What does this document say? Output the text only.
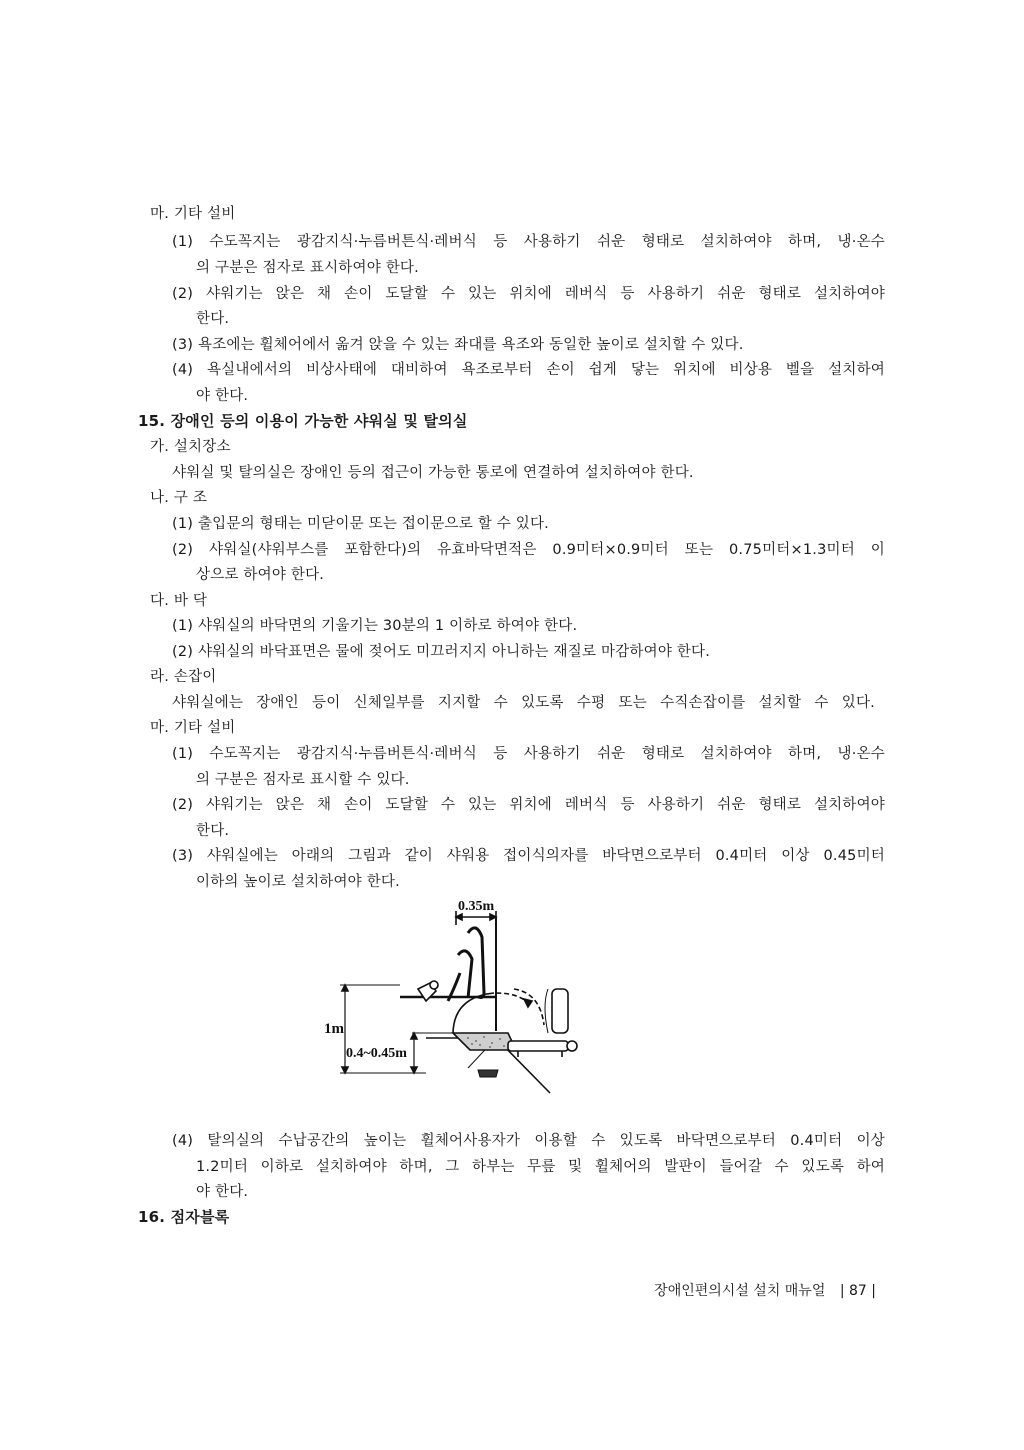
마. 기타 설비
(1) 수도꼭지는 광감지식·누름버튼식·레버식 등 사용하기 쉬운 형태로 설치하여야 하며, 냉·온수
의 구분은 점자로 표시하여야 한다.
(2) 샤워기는 앉은 채 손이 도달할 수 있는 위치에 레버식 등 사용하기 쉬운 형태로 설치하여야
한다.
(3) 욕조에는 휠체어에서 옮겨 앉을 수 있는 좌대를 욕조와 동일한 높이로 설치할 수 있다.
(4) 욕실내에서의 비상사태에 대비하여 욕조로부터 손이 쉽게 닿는 위치에 비상용 벨을 설치하여
야 한다.
15. 장애인 등의 이용이 가능한 샤워실 및 탈의실
가. 설치장소
샤워실 및 탈의실은 장애인 등의 접근이 가능한 통로에 연결하여 설치하여야 한다.
나. 구 조
(1) 출입문의 형태는 미닫이문 또는 접이문으로 할 수 있다.
(2) 샤워실(샤워부스를 포함한다)의 유효바닥면적은 0.9미터×0.9미터 또는 0.75미터×1.3미터 이
상으로 하여야 한다.
다. 바 닥
(1) 샤워실의 바닥면의 기울기는 30분의 1 이하로 하여야 한다.
(2) 샤워실의 바닥표면은 물에 젖어도 미끄러지지 아니하는 재질로 마감하여야 한다.
라. 손잡이
샤워실에는 장애인 등이 신체일부를 지지할 수 있도록 수평 또는 수직손잡이를 설치할 수 있다.
마. 기타 설비
(1) 수도꼭지는 광감지식·누름버튼식·레버식 등 사용하기 쉬운 형태로 설치하여야 하며, 냉·온수
의 구분은 점자로 표시할 수 있다.
(2) 샤워기는 앉은 채 손이 도달할 수 있는 위치에 레버식 등 사용하기 쉬운 형태로 설치하여야
한다.
(3) 샤워실에는 아래의 그림과 같이 샤워용 접이식의자를 바닥면으로부터 0.4미터 이상 0.45미터
이하의 높이로 설치하여야 한다.
0.35m
1m
0.4~0.45m
(4) 탈의실의 수납공간의 높이는 휠체어사용자가 이용할 수 있도록 바닥면으로부터 0.4미터 이상
1.2미터 이하로 설치하여야 하며, 그 하부는 무릎 및 휠체어의 발판이 들어갈 수 있도록 하여
야 한다.
16. 점자블록
장애인편의시설 설치 매뉴얼 | 87 |
